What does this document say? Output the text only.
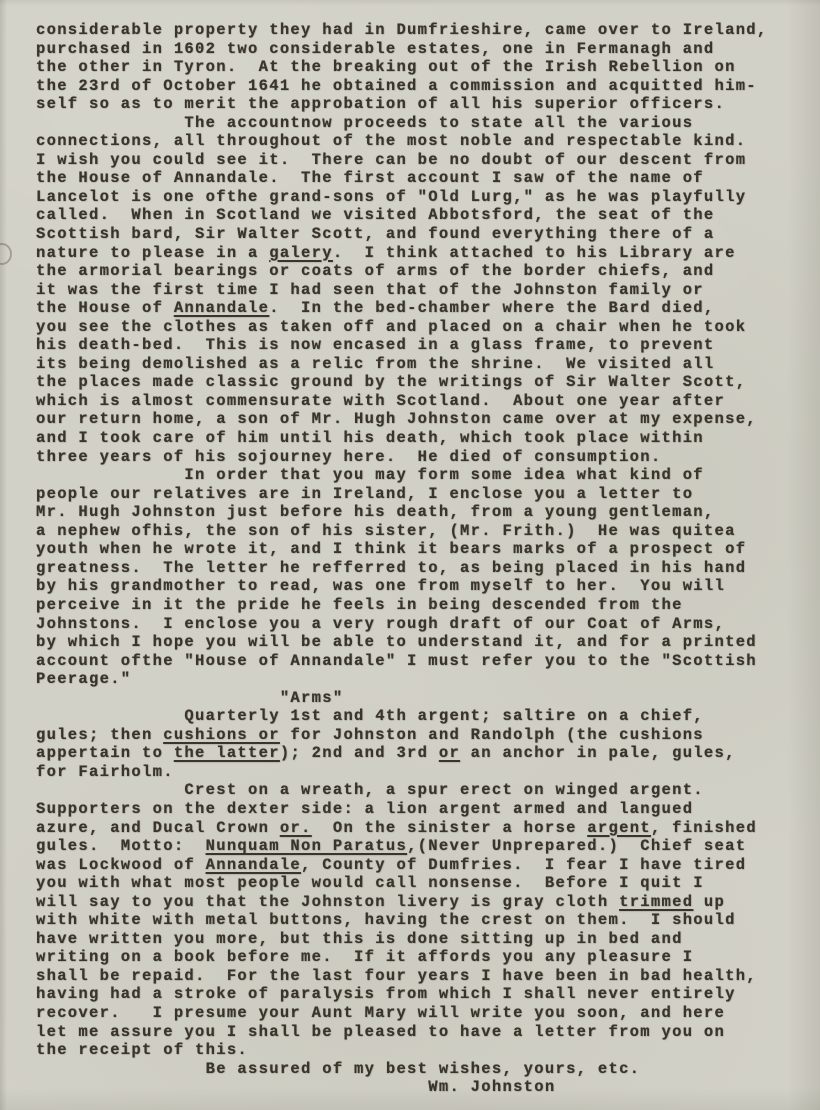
considerable property they had in Dumfrieshire, came over to Ireland,
purchased in 1602 two considerable estates, one in Fermanagh and
the other in Tyron.  At the breaking out of the Irish Rebellion on
the 23rd of October 1641 he obtained a commission and acquitted him-
self so as to merit the approbation of all his superior officers.
The accountnow proceeds to state all the various
connections, all throughout of the most noble and respectable kind.
I wish you could see it.  There can be no doubt of our descent from
the House of Annandale.  The first account I saw of the name of
Lancelot is one ofthe grand-sons of "Old Lurg," as he was playfully
called.  When in Scotland we visited Abbotsford, the seat of the
Scottish bard, Sir Walter Scott, and found everything there of a
nature to please in a galery.  I think attached to his Library are
the armorial bearings or coats of arms of the border chiefs, and
it was the first time I had seen that of the Johnston family or
the House of Annandale.  In the bed-chamber where the Bard died,
you see the clothes as taken off and placed on a chair when he took
his death-bed.  This is now encased in a glass frame, to prevent
its being demolished as a relic from the shrine.  We visited all
the places made classic ground by the writings of Sir Walter Scott,
which is almost commensurate with Scotland.  About one year after
our return home, a son of Mr. Hugh Johnston came over at my expense,
and I took care of him until his death, which took place within
three years of his sojourney here.  He died of consumption.
In order that you may form some idea what kind of
people our relatives are in Ireland, I enclose you a letter to
Mr. Hugh Johnston just before his death, from a young gentleman,
a nephew ofhis, the son of his sister, (Mr. Frith.)  He was quitea
youth when he wrote it, and I think it bears marks of a prospect of
greatness.  The letter he refferred to, as being placed in his hand
by his grandmother to read, was one from myself to her.  You will
perceive in it the pride he feels in being descended from the
Johnstons.  I enclose you a very rough draft of our Coat of Arms,
by which I hope you will be able to understand it, and for a printed
account ofthe "House of Annandale" I must refer you to the "Scottish
Peerage."
"Arms"
Quarterly 1st and 4th argent; saltire on a chief,
gules; then cushions or for Johnston and Randolph (the cushions
appertain to the latter); 2nd and 3rd or an anchor in pale, gules,
for Fairholm.
Crest on a wreath, a spur erect on winged argent.
Supporters on the dexter side: a lion argent armed and langued
azure, and Ducal Crown or.  On the sinister a horse argent, finished
gules.  Motto:  Nunquam Non Paratus,(Never Unprepared.)  Chief seat
was Lockwood of Annandale, County of Dumfries.  I fear I have tired
you with what most people would call nonsense.  Before I quit I
will say to you that the Johnston livery is gray cloth trimmed up
with white with metal buttons, having the crest on them.  I should
have written you more, but this is done sitting up in bed and
writing on a book before me.  If it affords you any pleasure I
shall be repaid.  For the last four years I have been in bad health,
having had a stroke of paralysis from which I shall never entirely
recover.   I presume your Aunt Mary will write you soon, and here
let me assure you I shall be pleased to have a letter from you on
the receipt of this.
Be assured of my best wishes, yours, etc.
Wm. Johnston
